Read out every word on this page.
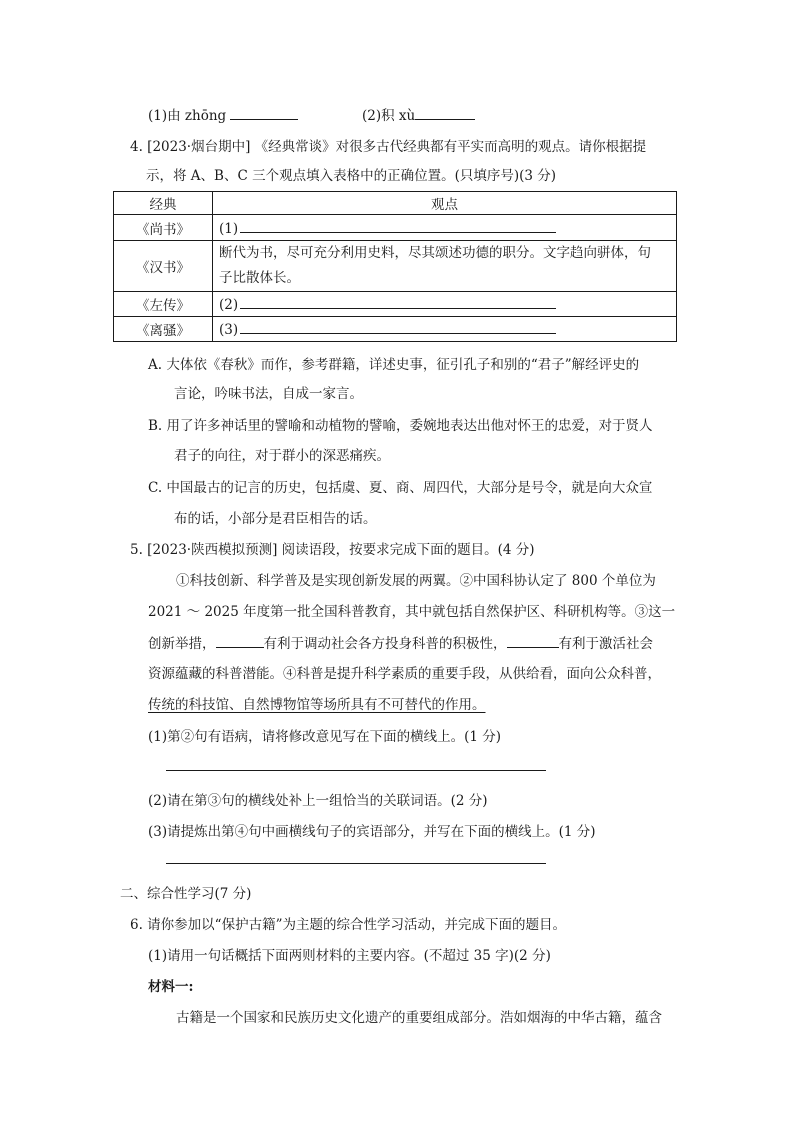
(1)由 zhōng	(2)积 xù
4. [2023·烟台期中] 《经典常谈》对很多古代经典都有平实而高明的观点。请你根据提
示，将 A、B、C 三个观点填入表格中的正确位置。(只填序号)(3 分)
经典	观点
《尚书》	(1)
《汉书》	断代为书，尽可充分利用史料，尽其颂述功德的职分。文字趋向骈体，句
子比散体长。

《左传》	(2)
《离骚》	(3)
A. 大体依《春秋》而作，参考群籍，详述史事，征引孔子和别的“君子”解经评史的
言论，吟味书法，自成一家言。
B. 用了许多神话里的譬喻和动植物的譬喻，委婉地表达出他对怀王的忠爱，对于贤人
君子的向往，对于群小的深恶痛疾。
C. 中国最古的记言的历史，包括虞、夏、商、周四代，大部分是号令，就是向大众宣
布的话，小部分是君臣相告的话。
5. [2023·陕西模拟预测] 阅读语段，按要求完成下面的题目。(4 分)
①科技创新、科学普及是实现创新发展的两翼。②中国科协认定了 800 个单位为
2021 ～ 2025 年度第一批全国科普教育，其中就包括自然保护区、科研机构等。③这一
创新举措，	有利于调动社会各方投身科普的积极性，	有利于激活社会
资源蕴藏的科普潜能。④科普是提升科学素质的重要手段，从供给看，面向公众科普，
传统的科技馆、自然博物馆等场所具有不可替代的作用。
(1)第②句有语病，请将修改意见写在下面的横线上。(1 分)
(2)请在第③句的横线处补上一组恰当的关联词语。(2 分)
(3)请提炼出第④句中画横线句子的宾语部分，并写在下面的横线上。(1 分)
二、综合性学习(7 分)
6. 请你参加以“保护古籍”为主题的综合性学习活动，并完成下面的题目。
(1)请用一句话概括下面两则材料的主要内容。(不超过 35 字)(2 分)
材料一:
古籍是一个国家和民族历史文化遗产的重要组成部分。浩如烟海的中华古籍，蕴含
